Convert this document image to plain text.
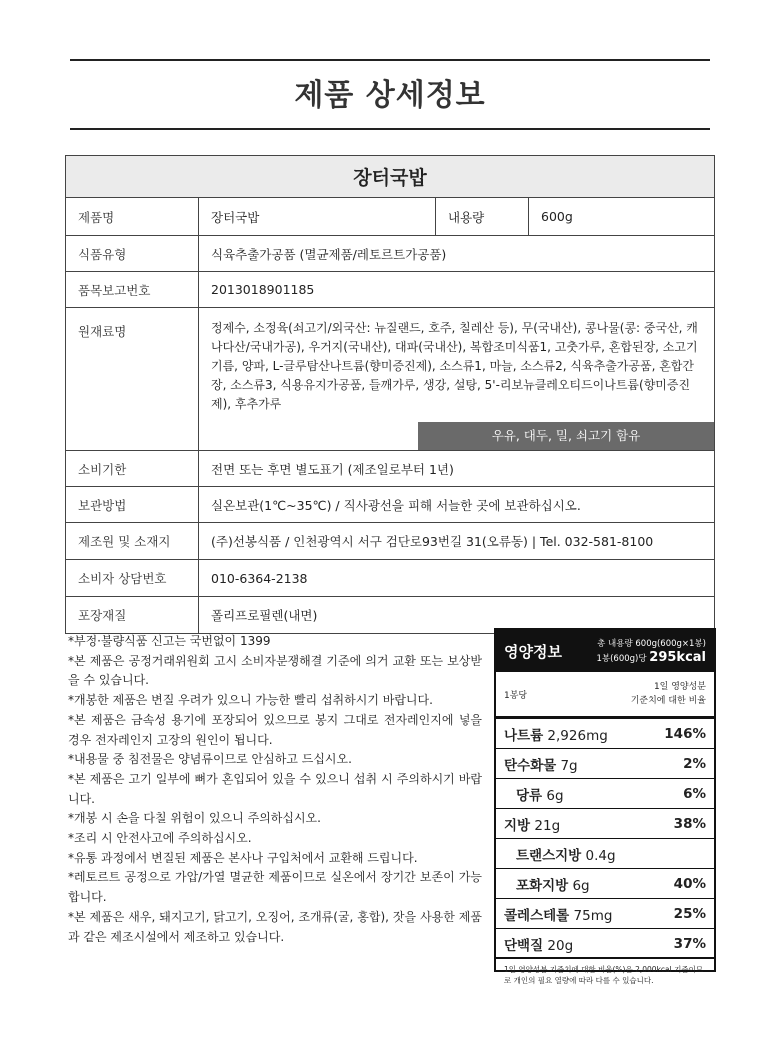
제품 상세정보
장터국밥			
제품명	장터국밥	내용량	600g
식품유형	식육추출가공품 (멸균제품/레토르트가공품)		
품목보고번호	2013018901185		
원재료명	정제수, 소정육(쇠고기/외국산: 뉴질랜드, 호주, 칠레산 등), 무(국내산), 콩나물(콩: 중국산, 캐나다산/국내가공), 우거지(국내산), 대파(국내산), 복합조미식품1, 고춧가루, 혼합된장, 소고기기름, 양파, L-글루탐산나트륨(향미증진제), 소스류1, 마늘, 소스류2, 식육추출가공품, 혼합간장, 소스류3, 식용유지가공품, 들깨가루, 생강, 설탕, 5'-리보뉴클레오티드이나트륨(향미증진제), 후추가루
우유, 대두, 밀, 쇠고기 함유		

소비기한	전면 또는 후면 별도표기 (제조일로부터 1년)		
보관방법	실온보관(1℃~35℃) / 직사광선을 피해 서늘한 곳에 보관하십시오.		
제조원 및 소재지	(주)선봉식품 / 인천광역시 서구 검단로93번길 31(오류동) | Tel. 032-581-8100		
소비자 상담번호	010-6364-2138		
포장재질	폴리프로필렌(내면)		

*부정·불량식품 신고는 국번없이 1399

*본 제품은 공정거래위원회 고시 소비자분쟁해결 기준에 의거 교환 또는 보상받을 수 있습니다.

*개봉한 제품은 변질 우려가 있으니 가능한 빨리 섭취하시기 바랍니다.

*본 제품은 금속성 용기에 포장되어 있으므로 봉지 그대로 전자레인지에 넣을 경우 전자레인지 고장의 원인이 됩니다.

*내용물 중 침전물은 양념류이므로 안심하고 드십시오.

*본 제품은 고기 일부에 뼈가 혼입되어 있을 수 있으니 섭취 시 주의하시기 바랍니다.

*개봉 시 손을 다칠 위험이 있으니 주의하십시오.

*조리 시 안전사고에 주의하십시오.

*유통 과정에서 변질된 제품은 본사나 구입처에서 교환해 드립니다.

*레토르트 공정으로 가압/가열 멸균한 제품이므로 실온에서 장기간 보존이 가능합니다.

*본 제품은 새우, 돼지고기, 닭고기, 오징어, 조개류(굴, 홍합), 잣을 사용한 제품과 같은 제조시설에서 제조하고 있습니다.

영양정보	총 내용량 600g(600g×1봉)
1봉(600g)당 295kcal
1봉당
1일 영양성분
기준치에 대한 비율
나트륨 2,926mg	146%
탄수화물 7g	2%
당류 6g	6%
지방 21g	38%
트랜스지방 0.4g
포화지방 6g	40%
콜레스테롤 75mg	25%
단백질 20g	37%
1일 영양성분 기준치에 대한 비율(%)은 2,000kcal 기준이므로 개인의 필요 열량에 따라 다를 수 있습니다.
